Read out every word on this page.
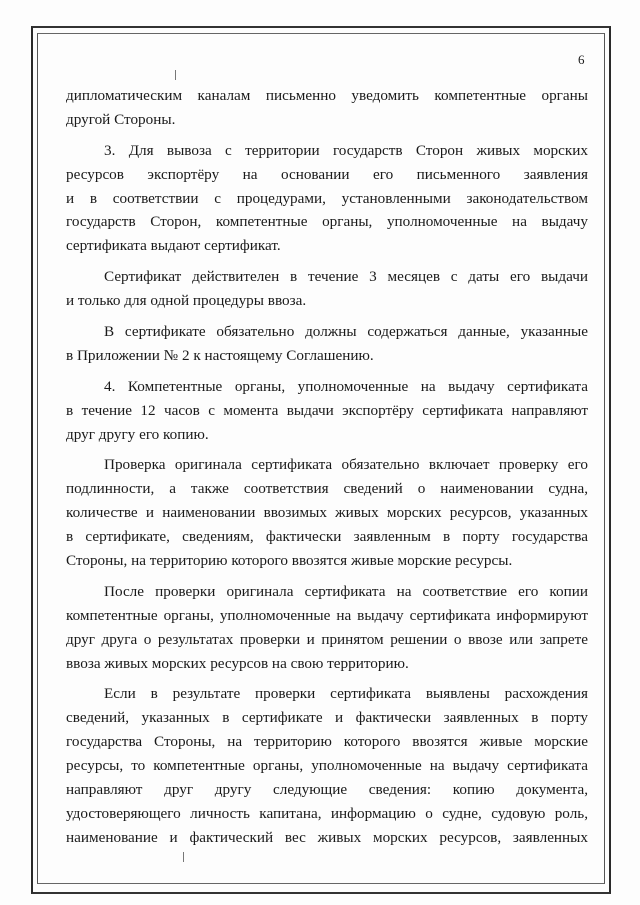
6
дипломатическим каналам письменно уведомить компетентные органы
другой Стороны.
3. Для вывоза с территории государств Сторон живых морских
ресурсов экспортёру на основании его письменного заявления
и в соответствии с процедурами, установленными законодательством
государств Сторон, компетентные органы, уполномоченные на выдачу
сертификата выдают сертификат.
Сертификат действителен в течение 3 месяцев с даты его выдачи
и только для одной процедуры ввоза.
В сертификате обязательно должны содержаться данные, указанные
в Приложении № 2 к настоящему Соглашению.
4. Компетентные органы, уполномоченные на выдачу сертификата
в течение 12 часов с момента выдачи экспортёру сертификата направляют
друг другу его копию.
Проверка оригинала сертификата обязательно включает проверку его
подлинности, а также соответствия сведений о наименовании судна,
количестве и наименовании ввозимых живых морских ресурсов, указанных
в сертификате, сведениям, фактически заявленным в порту государства
Стороны, на территорию которого ввозятся живые морские ресурсы.
После проверки оригинала сертификата на соответствие его копии
компетентные органы, уполномоченные на выдачу сертификата информируют
друг друга о результатах проверки и принятом решении о ввозе или запрете
ввоза живых морских ресурсов на свою территорию.
Если в результате проверки сертификата выявлены расхождения
сведений, указанных в сертификате и фактически заявленных в порту
государства Стороны, на территорию которого ввозятся живые морские
ресурсы, то компетентные органы, уполномоченные на выдачу сертификата
направляют друг другу следующие сведения: копию документа,
удостоверяющего личность капитана, информацию о судне, судовую роль,
наименование и фактический вес живых морских ресурсов, заявленных
